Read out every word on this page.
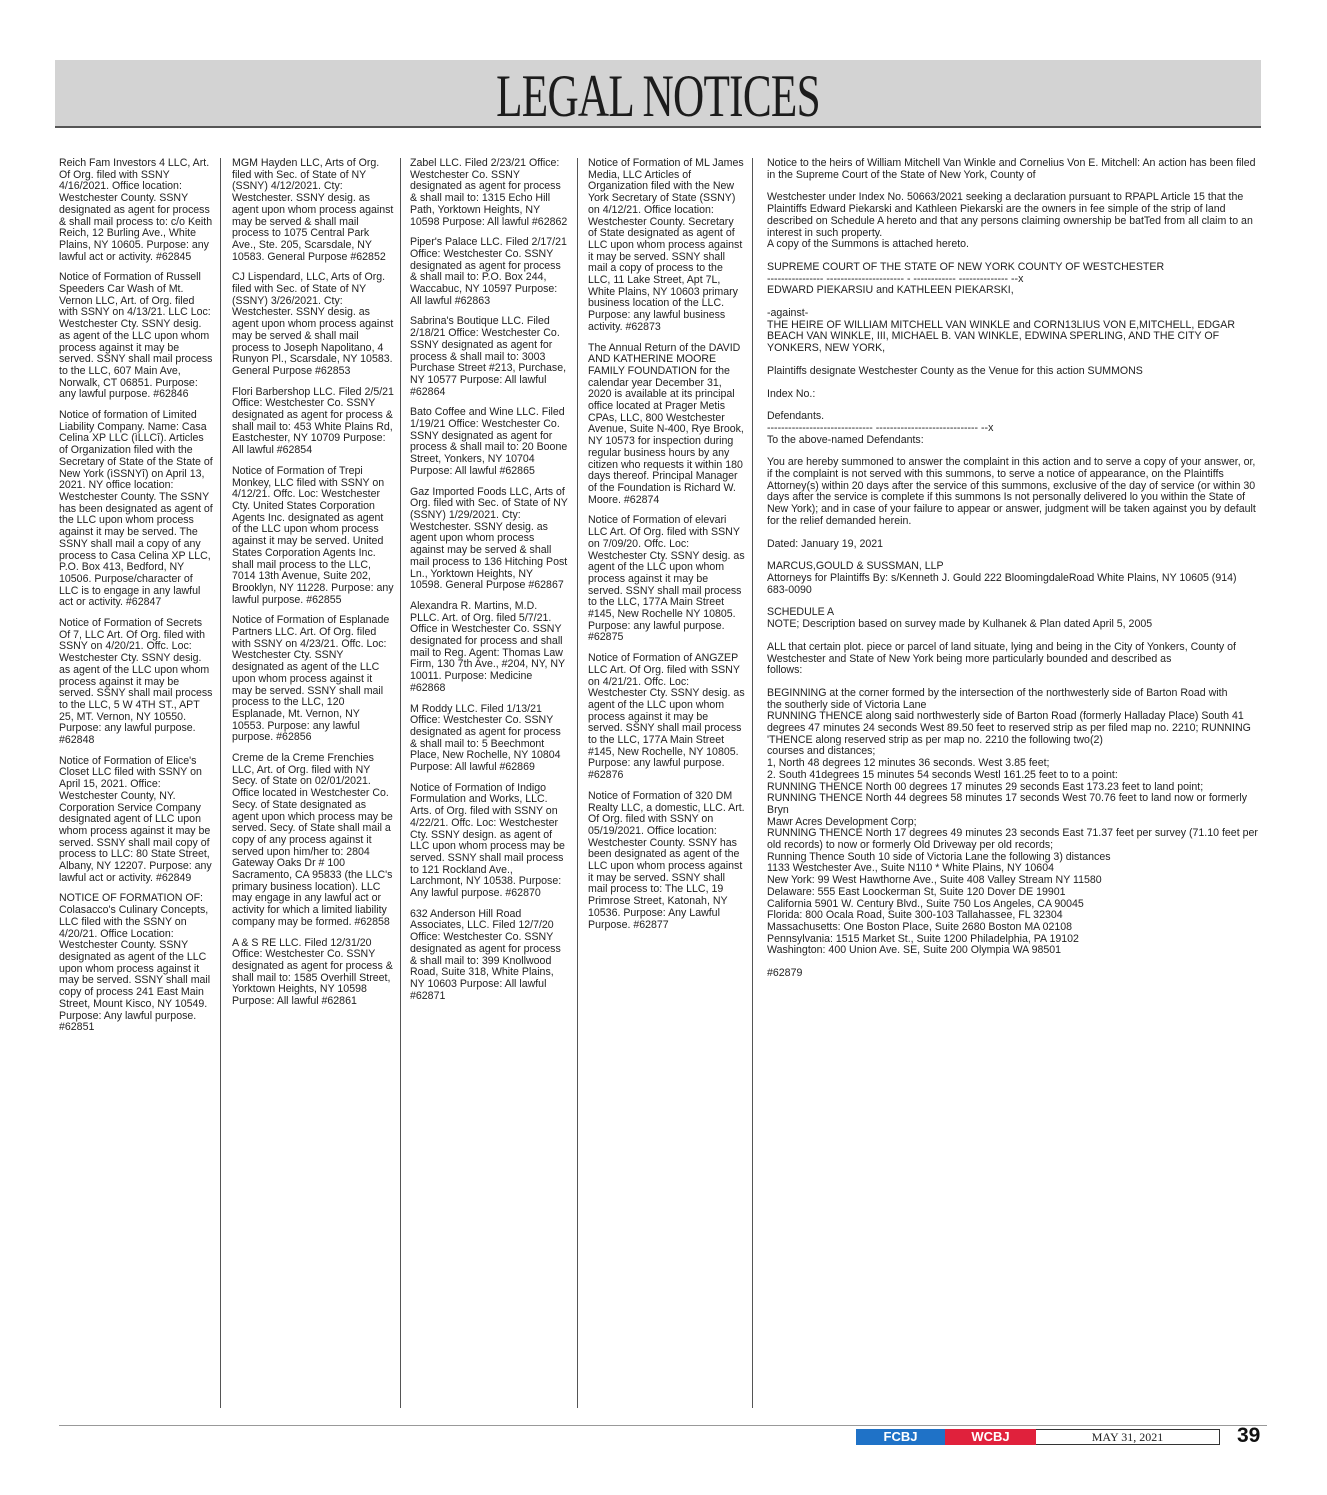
LEGAL NOTICES

Reich Fam Investors 4 LLC, Art. Of Org. filed with SSNY 4/16/2021. Office location: Westchester County. SSNY designated as agent for process & shall mail process to: c/o Keith Reich, 12 Burling Ave., White Plains, NY 10605. Purpose: any lawful act or activity. #62845

Notice of Formation of Russell Speeders Car Wash of Mt. Vernon LLC, Art. of Org. filed with SSNY on 4/13/21. LLC Loc: Westchester Cty. SSNY desig. as agent of the LLC upon whom process against it may be served. SSNY shall mail process to the LLC, 607 Main Ave, Norwalk, CT 06851. Purpose: any lawful purpose. #62846

Notice of formation of Limited Liability Company. Name: Casa Celina XP LLC (ìLLCî). Articles of Organization filed with the Secretary of State of the State of New York (ìSSNYî) on April 13, 2021. NY office location: Westchester County. The SSNY has been designated as agent of the LLC upon whom process against it may be served. The SSNY shall mail a copy of any process to Casa Celina XP LLC, P.O. Box 413, Bedford, NY 10506. Purpose/character of LLC is to engage in any lawful act or activity. #62847

Notice of Formation of Secrets Of 7, LLC Art. Of Org. filed with SSNY on 4/20/21. Offc. Loc: Westchester Cty. SSNY desig. as agent of the LLC upon whom process against it may be served. SSNY shall mail process to the LLC, 5 W 4TH ST., APT 25, MT. Vernon, NY 10550. Purpose: any lawful purpose. #62848

Notice of Formation of Elice's Closet LLC filed with SSNY on April 15, 2021. Office: Westchester County, NY. Corporation Service Company designated agent of LLC upon whom process against it may be served. SSNY shall mail copy of process to LLC: 80 State Street, Albany, NY 12207. Purpose: any lawful act or activity. #62849

NOTICE OF FORMATION OF: Colasacco's Culinary Concepts, LLC filed with the SSNY on 4/20/21. Office Location: Westchester County. SSNY designated as agent of the LLC upon whom process against it may be served. SSNY shall mail copy of process 241 East Main Street, Mount Kisco, NY 10549. Purpose: Any lawful purpose. #62851

MGM Hayden LLC, Arts of Org. filed with Sec. of State of NY (SSNY) 4/12/2021. Cty: Westchester. SSNY desig. as agent upon whom process against may be served & shall mail process to 1075 Central Park Ave., Ste. 205, Scarsdale, NY 10583. General Purpose #62852

CJ Lispendard, LLC, Arts of Org. filed with Sec. of State of NY (SSNY) 3/26/2021. Cty: Westchester. SSNY desig. as agent upon whom process against may be served & shall mail process to Joseph Napolitano, 4 Runyon Pl., Scarsdale, NY 10583. General Purpose #62853

Flori Barbershop LLC. Filed 2/5/21 Office: Westchester Co. SSNY designated as agent for process & shall mail to: 453 White Plains Rd, Eastchester, NY 10709 Purpose: All lawful #62854

Notice of Formation of Trepi Monkey, LLC filed with SSNY on 4/12/21. Offc. Loc: Westchester Cty. United States Corporation Agents Inc. designated as agent of the LLC upon whom process against it may be served. United States Corporation Agents Inc. shall mail process to the LLC, 7014 13th Avenue, Suite 202, Brooklyn, NY 11228. Purpose: any lawful purpose. #62855

Notice of Formation of Esplanade Partners LLC. Art. Of Org. filed with SSNY on 4/23/21. Offc. Loc: Westchester Cty. SSNY designated as agent of the LLC upon whom process against it may be served. SSNY shall mail process to the LLC, 120 Esplanade, Mt. Vernon, NY 10553. Purpose: any lawful purpose. #62856

Creme de la Creme Frenchies LLC, Art. of Org. filed with NY Secy. of State on 02/01/2021. Office located in Westchester Co. Secy. of State designated as agent upon which process may be served. Secy. of State shall mail a copy of any process against it served upon him/her to: 2804 Gateway Oaks Dr # 100 Sacramento, CA 95833 (the LLC's primary business location). LLC may engage in any lawful act or activity for which a limited liability company may be formed. #62858

A & S RE LLC. Filed 12/31/20 Office: Westchester Co. SSNY designated as agent for process & shall mail to: 1585 Overhill Street, Yorktown Heights, NY 10598 Purpose: All lawful #62861

Zabel LLC. Filed 2/23/21 Office: Westchester Co. SSNY designated as agent for process & shall mail to: 1315 Echo Hill Path, Yorktown Heights, NY 10598 Purpose: All lawful #62862

Piper's Palace LLC. Filed 2/17/21 Office: Westchester Co. SSNY designated as agent for process & shall mail to: P.O. Box 244, Waccabuc, NY 10597 Purpose: All lawful #62863

Sabrina's Boutique LLC. Filed 2/18/21 Office: Westchester Co. SSNY designated as agent for process & shall mail to: 3003 Purchase Street #213, Purchase, NY 10577 Purpose: All lawful #62864

Bato Coffee and Wine LLC. Filed 1/19/21 Office: Westchester Co. SSNY designated as agent for process & shall mail to: 20 Boone Street, Yonkers, NY 10704 Purpose: All lawful #62865

Gaz Imported Foods LLC, Arts of Org. filed with Sec. of State of NY (SSNY) 1/29/2021. Cty: Westchester. SSNY desig. as agent upon whom process against may be served & shall mail process to 136 Hitching Post Ln., Yorktown Heights, NY 10598. General Purpose #62867

Alexandra R. Martins, M.D. PLLC. Art. of Org. filed 5/7/21. Office in Westchester Co. SSNY designated for process and shall mail to Reg. Agent: Thomas Law Firm, 130 7th Ave., #204, NY, NY 10011. Purpose: Medicine #62868

M Roddy LLC. Filed 1/13/21 Office: Westchester Co. SSNY designated as agent for process & shall mail to: 5 Beechmont Place, New Rochelle, NY 10804 Purpose: All lawful #62869

Notice of Formation of Indigo Formulation and Works, LLC. Arts. of Org. filed with SSNY on 4/22/21. Offc. Loc: Westchester Cty. SSNY design. as agent of LLC upon whom process may be served. SSNY shall mail process to 121 Rockland Ave., Larchmont, NY 10538. Purpose: Any lawful purpose. #62870

632 Anderson Hill Road Associates, LLC. Filed 12/7/20 Office: Westchester Co. SSNY designated as agent for process & shall mail to: 399 Knollwood Road, Suite 318, White Plains, NY 10603 Purpose: All lawful #62871

Notice of Formation of ML James Media, LLC Articles of Organization filed with the New York Secretary of State (SSNY) on 4/12/21. Office location: Westchester County. Secretary of State designated as agent of LLC upon whom process against it may be served. SSNY shall mail a copy of process to the LLC, 11 Lake Street, Apt 7L, White Plains, NY 10603 primary business location of the LLC. Purpose: any lawful business activity. #62873

The Annual Return of the DAVID AND KATHERINE MOORE FAMILY FOUNDATION for the calendar year December 31, 2020 is available at its principal office located at Prager Metis CPAs, LLC, 800 Westchester Avenue, Suite N-400, Rye Brook, NY 10573 for inspection during regular business hours by any citizen who requests it within 180 days thereof. Principal Manager of the Foundation is Richard W. Moore. #62874

Notice of Formation of elevari LLC Art. Of Org. filed with SSNY on 7/09/20. Offc. Loc: Westchester Cty. SSNY desig. as agent of the LLC upon whom process against it may be served. SSNY shall mail process to the LLC, 177A Main Street #145, New Rochelle NY 10805. Purpose: any lawful purpose. #62875

Notice of Formation of ANGZEP LLC Art. Of Org. filed with SSNY on 4/21/21. Offc. Loc: Westchester Cty. SSNY desig. as agent of the LLC upon whom process against it may be served. SSNY shall mail process to the LLC, 177A Main Street #145, New Rochelle, NY 10805. Purpose: any lawful purpose. #62876

Notice of Formation of 320 DM Realty LLC, a domestic, LLC. Art. Of Org. filed with SSNY on 05/19/2021. Office location: Westchester County. SSNY has been designated as agent of the LLC upon whom process against it may be served. SSNY shall mail process to: The LLC, 19 Primrose Street, Katonah, NY 10536. Purpose: Any Lawful Purpose. #62877

Notice to the heirs of William Mitchell Van Winkle and Cornelius Von E. Mitchell: An action has been filed in the Supreme Court of the State of New York, County of

Westchester under Index No. 50663/2021 seeking a declaration pursuant to RPAPL Article 15 that the
Plaintiffs Edward Piekarski and Kathleen Piekarski are the owners in fee simple of the strip of land described on Schedule A hereto and that any persons claiming ownership be batTed from all claim to an interest in such property.
A copy of the Summons is attached hereto.

SUPREME COURT OF THE STATE OF NEW YORK COUNTY OF WESTCHESTER
---------------- ---------------------- - ------------ -------------- --x
EDWARD PIEKARSIU and KATHLEEN PIEKARSKI,

-against-
THE HEIRE OF WILLIAM MITCHELL VAN WINKLE and CORN13LIUS VON E,MITCHELL, EDGAR BEACH VAN WINKLE, III, MICHAEL B. VAN WINKLE, EDWINA SPERLING, AND THE CITY OF YONKERS, NEW YORK,

Plaintiffs designate Westchester County as the Venue for this action SUMMONS

Index No.:

Defendants.
------------------------------ ----------------------------- --x
To the above-named Defendants:

You are hereby summoned to answer the complaint in this action and to serve a copy of your answer, or, if the complaint is not served with this summons, to serve a notice of appearance, on the Plaintiffs Attorney(s) within 20 days after the service of this summons, exclusive of the day of service (or within 30 days after the service is complete if this summons Is not personally delivered lo you within the State of New York); and in case of your failure to appear or answer, judgment will be taken against you by default for the relief demanded herein.

Dated: January 19, 2021

MARCUS,GOULD & SUSSMAN, LLP
Attorneys for Plaintiffs By: s/Kenneth J. Gould 222 BloomingdaleRoad White Plains, NY 10605 (914)
683-0090

SCHEDULE A
NOTE; Description based on survey made by Kulhanek & Plan dated April 5, 2005

ALL that certain plot. piece or parcel of land situate, lying and being in the City of Yonkers, County of Westchester and State of New York being more particularly bounded and described as
follows:

BEGINNING at the corner formed by the intersection of the northwesterly side of Barton Road with
the southerly side of Victoria Lane
RUNNING THENCE along said northwesterly side of Barton Road (formerly Halladay Place) South 41
degrees 47 minutes 24 seconds West 89.50 feet to reserved strip as per filed map no. 2210; RUNNING
'THENCE along reserved strip as per map no. 2210 the following two(2)
courses and distances;
1, North 48 degrees 12 minutes 36 seconds. West 3.85 feet;
2. South 41degrees 15 minutes 54 seconds Westl 161.25 feet to to a point:
RUNNING THENCE North 00 degrees 17 minutes 29 seconds East 173.23 feet to land point;
RUNNING THENCE North 44 degrees 58 minutes 17 seconds West 70.76 feet to land now or formerly Bryn
Mawr Acres Development Corp;
RUNNING THENCE North 17 degrees 49 minutes 23 seconds East 71.37 feet per survey (71.10 feet per
old records) to now or formerly Old Driveway per old records;
Running Thence South 10 side of Victoria Lane the following 3) distances
1133 Westchester Ave., Suite N110 * White Plains, NY 10604
New York: 99 West Hawthorne Ave., Suite 408 Valley Stream NY 11580
Delaware: 555 East Loockerman St, Suite 120 Dover DE 19901
California 5901 W. Century Blvd., Suite 750 Los Angeles, CA 90045
Florida: 800 Ocala Road, Suite 300-103 Tallahassee, FL 32304
Massachusetts: One Boston Place, Suite 2680 Boston MA 02108
Pennsylvania: 1515 Market St., Suite 1200 Philadelphia, PA 19102
Washington: 400 Union Ave. SE, Suite 200 Olympia WA 98501

#62879

FCBJ	WCBJ	MAY 31, 2021	39
